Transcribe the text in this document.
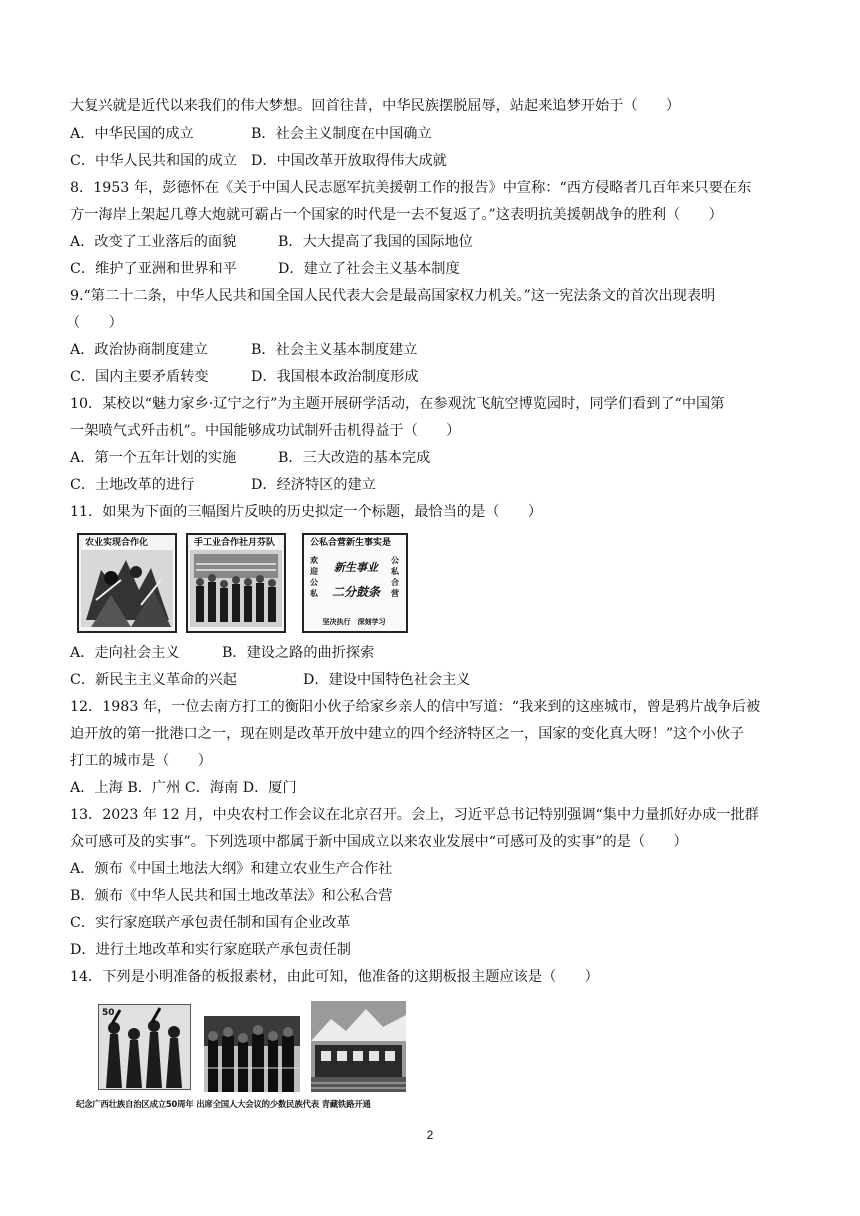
大复兴就是近代以来我们的伟大梦想。回首往昔，中华民族摆脱屈辱，站起来追梦开始于（　　）
A．中华民国的成立	B．社会主义制度在中国确立
C．中华人民共和国的成立 D．中国改革开放取得伟大成就
8．1953 年，彭德怀在《关于中国人民志愿军抗美援朝工作的报告》中宣称：“西方侵略者几百年来只要在东
方一海岸上架起几尊大炮就可霸占一个国家的时代是一去不复返了。”这表明抗美援朝战争的胜利（　　）
A．改变了工业落后的面貌	B．大大提高了我国的国际地位
C．维护了亚洲和世界和平	D．建立了社会主义基本制度
9.“第二十二条，中华人民共和国全国人民代表大会是最高国家权力机关。”这一宪法条文的首次出现表明
（　　）
A．政治协商制度建立	B．社会主义基本制度建立
C．国内主要矛盾转变	D．我国根本政治制度形成
10．某校以“魅力家乡·辽宁之行”为主题开展研学活动，在参观沈飞航空博览园时，同学们看到了“中国第
一架喷气式歼击机”。中国能够成功试制歼击机得益于（　　）
A．第一个五年计划的实施	B．三大改造的基本完成
C．土地改革的进行	D．经济特区的建立
11．如果为下面的三幅图片反映的历史拟定一个标题，最恰当的是（　　）
农业实现合作化	手工业合作社月芬队	公私合营新生事实是
欢迎公私
公私合营
新生事业
二分鼓条
坚决执行　深刻学习
A．走向社会主义	B．建设之路的曲折探索
C．新民主主义革命的兴起	D．建设中国特色社会主义
12．1983 年，一位去南方打工的衡阳小伙子给家乡亲人的信中写道：“我来到的这座城市，曾是鸦片战争后被
迫开放的第一批港口之一，现在则是改革开放中建立的四个经济特区之一，国家的变化真大呀！”这个小伙子
打工的城市是（　　）
A．上海 B．广州 C．海南 D．厦门
13．2023 年 12 月，中央农村工作会议在北京召开。会上，习近平总书记特别强调“集中力量抓好办成一批群
众可感可及的实事”。下列选项中都属于新中国成立以来农业发展中“可感可及的实事”的是（　　）
A．颁布《中国土地法大纲》和建立农业生产合作社
B．颁布《中华人民共和国土地改革法》和公私合营
C．实行家庭联产承包责任制和国有企业改革
D．进行土地改革和实行家庭联产承包责任制
14．下列是小明准备的板报素材，由此可知，他准备的这期板报主题应该是（　　）
50
纪念广西壮族自治区成立50周年 出席全国人大会议的少数民族代表 青藏铁路开通
2
